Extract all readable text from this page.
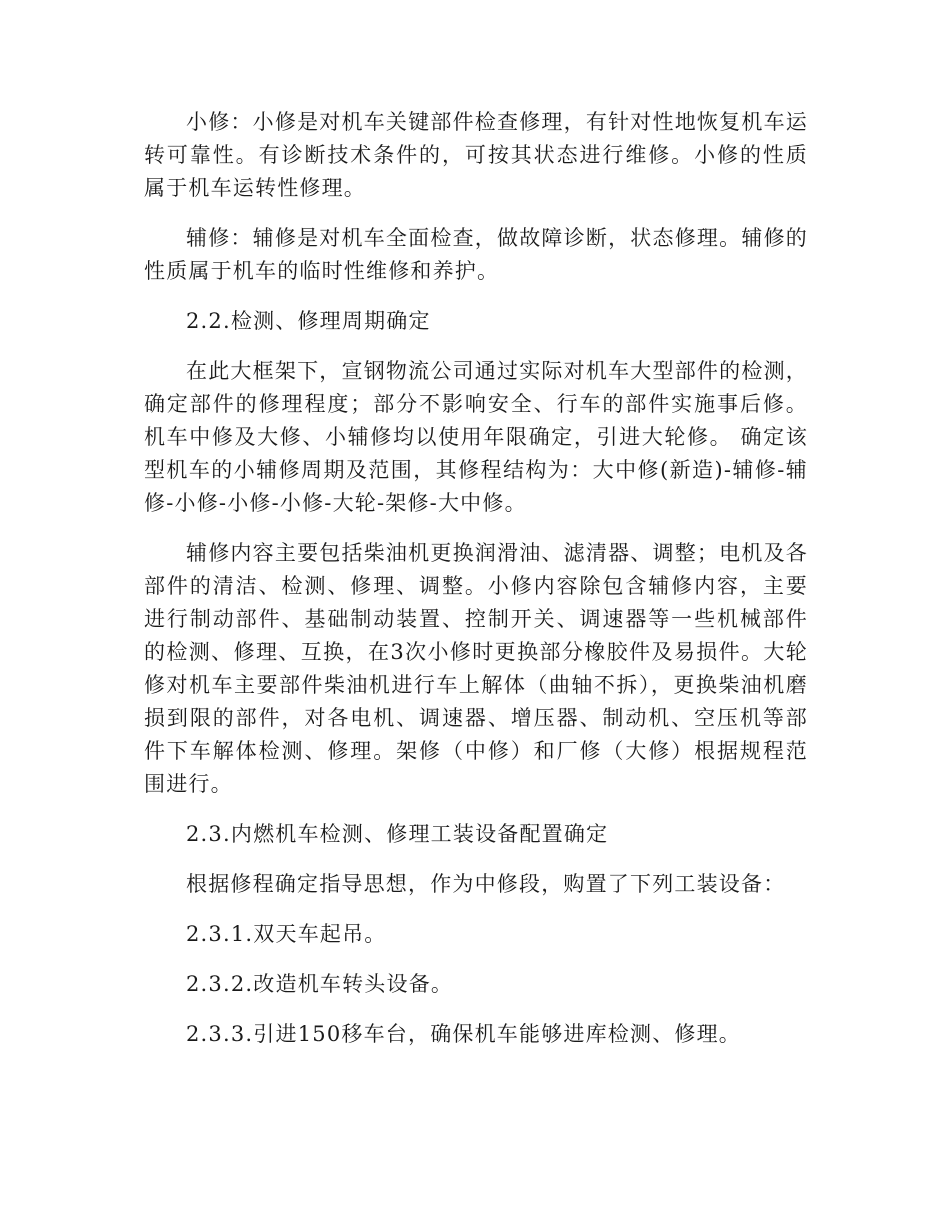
小修：小修是对机车关键部件检查修理，有针对性地恢复机车运转可靠性。有诊断技术条件的，可按其状态进行维修。小修的性质属于机车运转性修理。

辅修：辅修是对机车全面检查，做故障诊断，状态修理。辅修的性质属于机车的临时性维修和养护。

2.2.检测、修理周期确定

在此大框架下，宣钢物流公司通过实际对机车大型部件的检测，确定部件的修理程度；部分不影响安全、行车的部件实施事后修。机车中修及大修、小辅修均以使用年限确定，引进大轮修。 确定该型机车的小辅修周期及范围，其修程结构为：大中修(新造)-辅修-辅修-小修-小修-小修-大轮-架修-大中修。

辅修内容主要包括柴油机更换润滑油、滤清器、调整；电机及各部件的清洁、检测、修理、调整。小修内容除包含辅修内容，主要进行制动部件、基础制动装置、控制开关、调速器等一些机械部件的检测、修理、互换，在3次小修时更换部分橡胶件及易损件。大轮修对机车主要部件柴油机进行车上解体（曲轴不拆），更换柴油机磨损到限的部件，对各电机、调速器、增压器、制动机、空压机等部件下车解体检测、修理。架修（中修）和厂修（大修）根据规程范围进行。

2.3.内燃机车检测、修理工装设备配置确定

根据修程确定指导思想，作为中修段，购置了下列工装设备：

2.3.1.双天车起吊。

2.3.2.改造机车转头设备。

2.3.3.引进150移车台，确保机车能够进库检测、修理。
